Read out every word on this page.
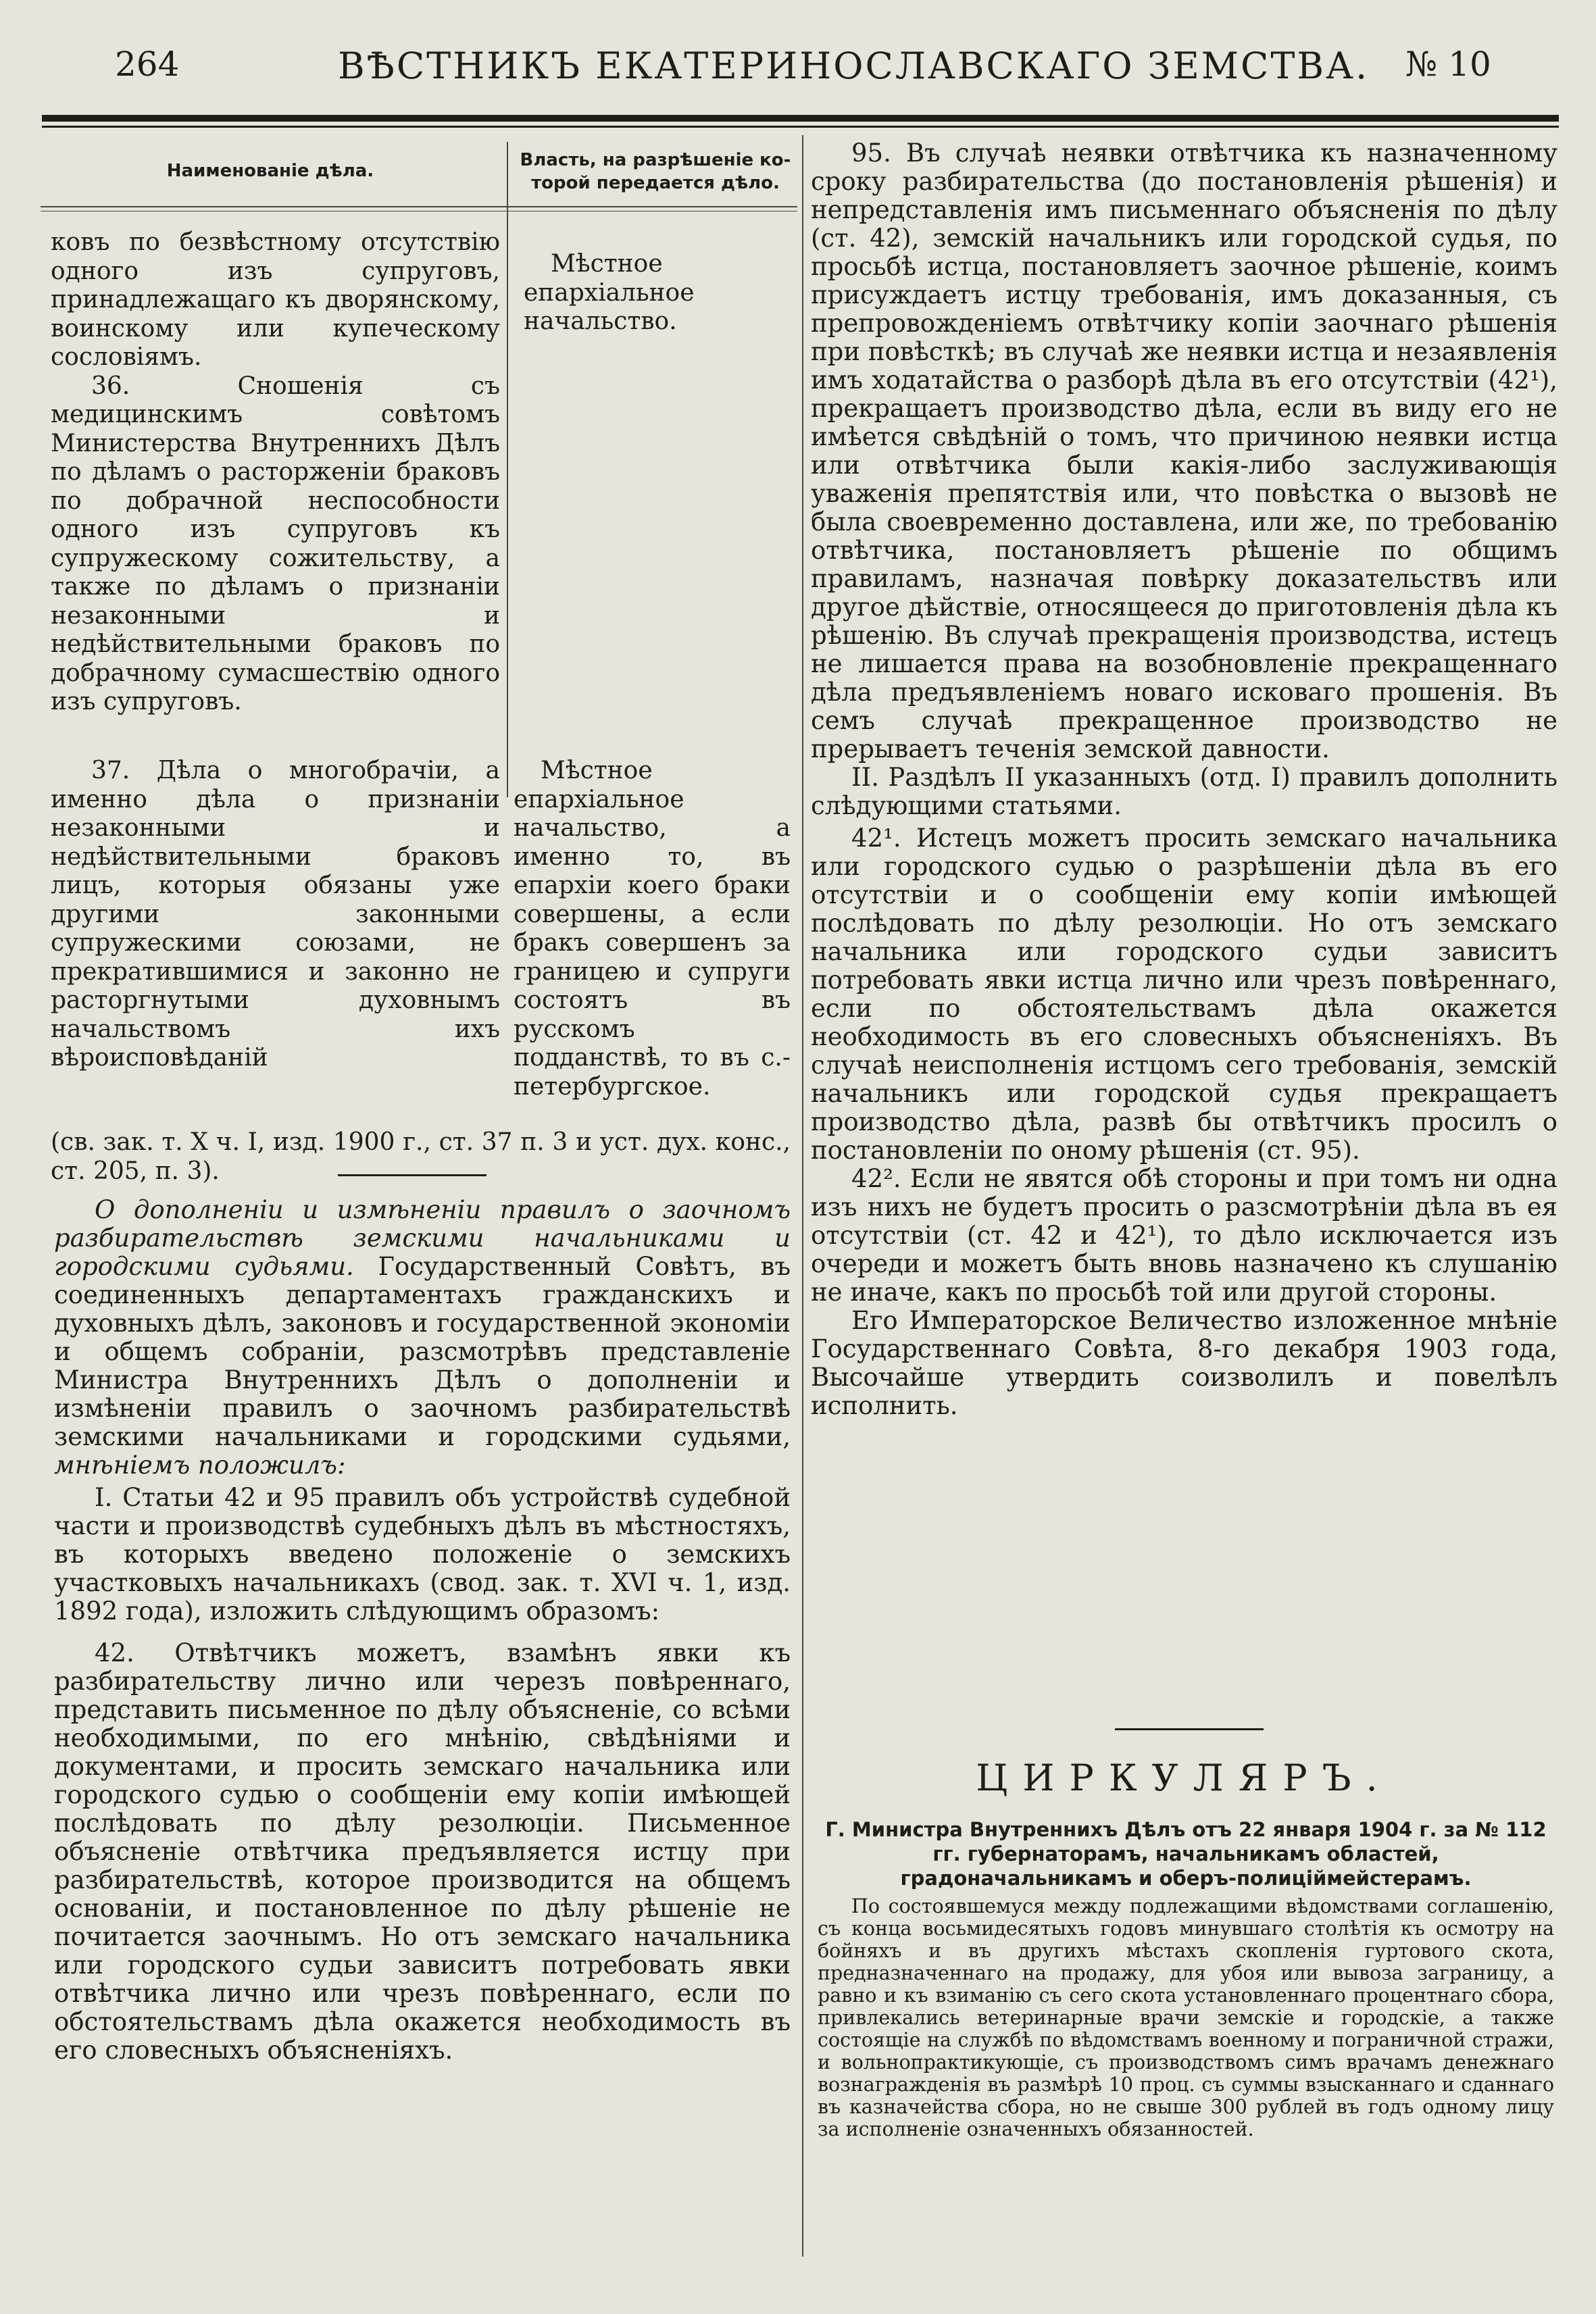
264	ВѢСТНИКЪ ЕКАТЕРИНОСЛАВСКАГО ЗЕМСТВА. № 10
Наименованіе дѣла.
Власть, на разрѣшеніе ко-торой передается дѣло.
ковъ по безвѣстному отсутствію одного изъ супруговъ, принадлежащаго къ дворянскому, воинскому или купеческому сословіямъ.
36. Сношенія съ медицинскимъ совѣтомъ Министерства Внутреннихъ Дѣлъ по дѣламъ о расторженіи браковъ по добрачной неспособности одного изъ супруговъ къ супружескому сожительству, а также по дѣламъ о признаніи незаконными и недѣйствительными браковъ по добрачному сумасшествію одного изъ супруговъ.
Мѣстное епархіальное начальство.
37. Дѣла о многобрачіи, а именно дѣла о признаніи незаконными и недѣйствительными браковъ лицъ, которыя обязаны уже другими законными супружескими союзами, не прекратившимися и законно не расторгнутыми духовнымъ начальствомъ ихъ вѣроисповѣданій
Мѣстное епархіальное начальство, а именно то, въ епархіи коего браки совершены, а если бракъ совершенъ за границею и супруги состоятъ въ русскомъ подданствѣ, то въ с.-петербургское.
(св. зак. т. X ч. I, изд. 1900 г., ст. 37 п. 3 и уст. дух. конс., ст. 205, п. 3).

О дополненіи и измѣненіи правилъ о заочномъ разбирательствѣ земскими начальниками и городскими судьями. Государственный Совѣтъ, въ соединенныхъ департаментахъ гражданскихъ и духовныхъ дѣлъ, законовъ и государственной экономіи и общемъ собраніи, разсмотрѣвъ представленіе Министра Внутреннихъ Дѣлъ о дополненіи и измѣненіи правилъ о заочномъ разбирательствѣ земскими начальниками и городскими судьями, мнѣніемъ положилъ:

I. Статьи 42 и 95 правилъ объ устройствѣ судебной части и производствѣ судебныхъ дѣлъ въ мѣстностяхъ, въ которыхъ введено положеніе о земскихъ участковыхъ начальникахъ (свод. зак. т. XVI ч. 1, изд. 1892 года), изложить слѣдующимъ образомъ:

42. Отвѣтчикъ можетъ, взамѣнъ явки къ разбирательству лично или черезъ повѣреннаго, представить письменное по дѣлу объясненіе, со всѣми необходимыми, по его мнѣнію, свѣдѣніями и документами, и просить земскаго начальника или городского судью о сообщеніи ему копіи имѣющей послѣдовать по дѣлу резолюціи. Письменное объясненіе отвѣтчика предъявляется истцу при разбирательствѣ, которое производится на общемъ основаніи, и постановленное по дѣлу рѣшеніе не почитается заочнымъ. Но отъ земскаго начальника или городского судьи зависитъ потребовать явки отвѣтчика лично или чрезъ повѣреннаго, если по обстоятельствамъ дѣла окажется необходимость въ его словесныхъ объясненіяхъ.

95. Въ случаѣ неявки отвѣтчика къ назначенному сроку разбирательства (до постановленія рѣшенія) и непредставленія имъ письменнаго объясненія по дѣлу (ст. 42), земскій начальникъ или городской судья, по просьбѣ истца, постановляетъ заочное рѣшеніе, коимъ присуждаетъ истцу требованія, имъ доказанныя, съ препровожденіемъ отвѣтчику копіи заочнаго рѣшенія при повѣсткѣ; въ случаѣ же неявки истца и незаявленія имъ ходатайства о разборѣ дѣла въ его отсутствіи (42¹), прекращаетъ производство дѣла, если въ виду его не имѣется свѣдѣній о томъ, что причиною неявки истца или отвѣтчика были какія-либо заслуживающія уваженія препятствія или, что повѣстка о вызовѣ не была своевременно доставлена, или же, по требованію отвѣтчика, постановляетъ рѣшеніе по общимъ правиламъ, назначая повѣрку доказательствъ или другое дѣйствіе, относящееся до приготовленія дѣла къ рѣшенію. Въ случаѣ прекращенія производства, истецъ не лишается права на возобновленіе прекращеннаго дѣла предъявленіемъ новаго исковаго прошенія. Въ семъ случаѣ прекращенное производство не прерываетъ теченія земской давности.

II. Раздѣлъ II указанныхъ (отд. I) правилъ дополнить слѣдующими статьями.

42¹. Истецъ можетъ просить земскаго начальника или городского судью о разрѣшеніи дѣла въ его отсутствіи и о сообщеніи ему копіи имѣющей послѣдовать по дѣлу резолюціи. Но отъ земскаго начальника или городского судьи зависитъ потребовать явки истца лично или чрезъ повѣреннаго, если по обстоятельствамъ дѣла окажется необходимость въ его словесныхъ объясненіяхъ. Въ случаѣ неисполненія истцомъ сего требованія, земскій начальникъ или городской судья прекращаетъ производство дѣла, развѣ бы отвѣтчикъ просилъ о постановленіи по оному рѣшенія (ст. 95).

42². Если не явятся обѣ стороны и при томъ ни одна изъ нихъ не будетъ просить о разсмотрѣніи дѣла въ ея отсутствіи (ст. 42 и 42¹), то дѣло исключается изъ очереди и можетъ быть вновь назначено къ слушанію не иначе, какъ по просьбѣ той или другой стороны.

Его Императорское Величество изложенное мнѣніе Государственнаго Совѣта, 8-го декабря 1903 года, Высочайше утвердить соизволилъ и повелѣлъ исполнить.

ЦИРКУЛЯРЪ.
Г. Министра Внутреннихъ Дѣлъ отъ 22 января 1904 г. за № 112 гг. губернаторамъ, начальникамъ областей, градоначальникамъ и оберъ-полиціймейстерамъ.
По состоявшемуся между подлежащими вѣдомствами соглашенію, съ конца восьмидесятыхъ годовъ минувшаго столѣтія къ осмотру на бойняхъ и въ другихъ мѣстахъ скопленія гуртового скота, предназначеннаго на продажу, для убоя или вывоза заграницу, а равно и къ взиманію съ сего скота установленнаго процентнаго сбора, привлекались ветеринарные врачи земскіе и городскіе, а также состоящіе на службѣ по вѣдомствамъ военному и пограничной стражи, и вольнопрактикующіе, съ производствомъ симъ врачамъ денежнаго вознагражденія въ размѣрѣ 10 проц. съ суммы взысканнаго и сданнаго въ казначейства сбора, но не свыше 300 рублей въ годъ одному лицу за исполненіе означенныхъ обязанностей.
